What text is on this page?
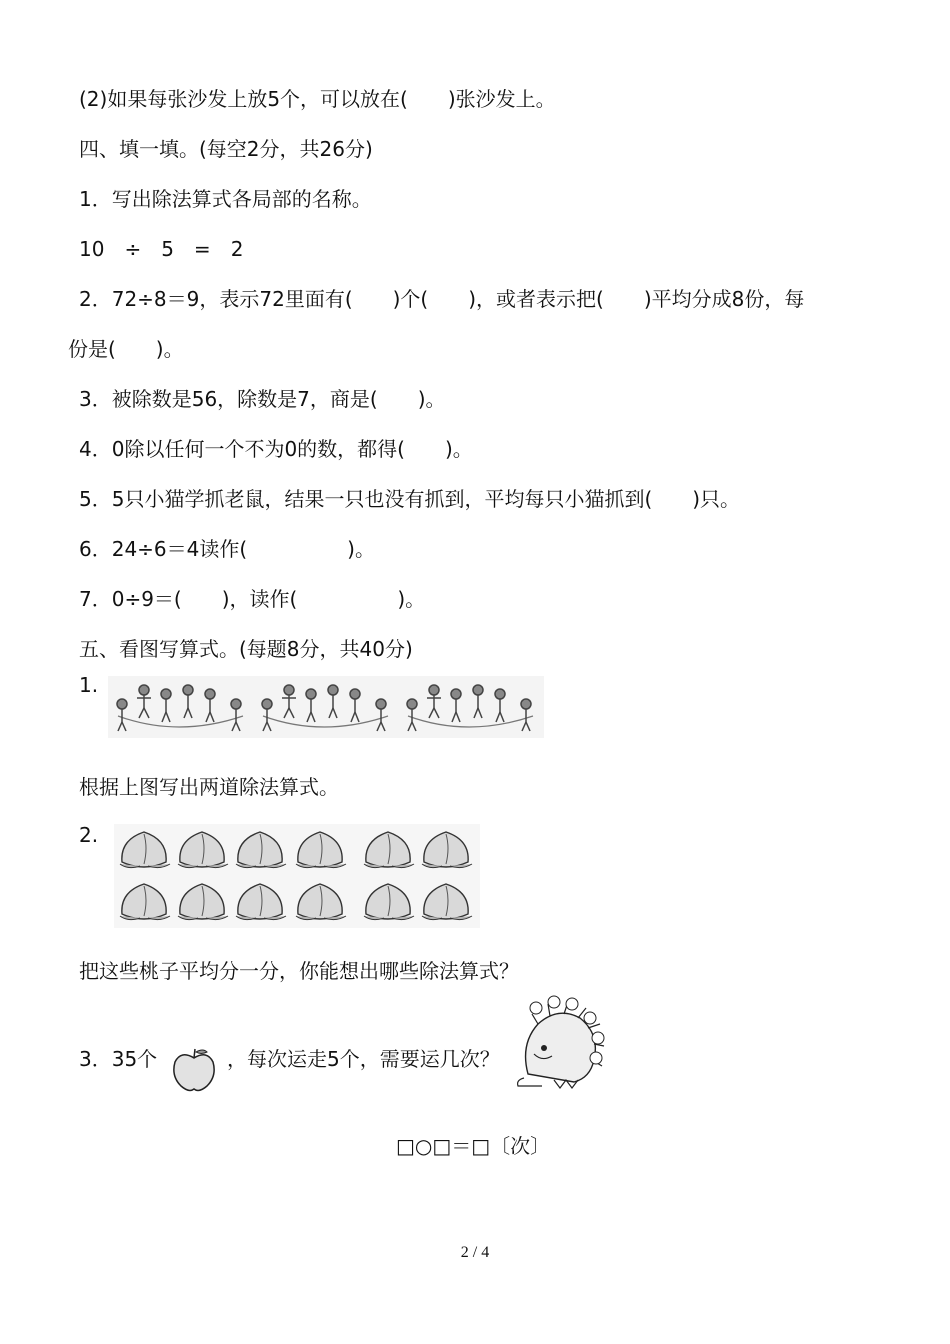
(2)如果每张沙发上放5个，可以放在(　　)张沙发上。
四、填一填。(每空2分，共26分)
1．写出除法算式各局部的名称。
10　÷　5　=　2
2．72÷8＝9，表示72里面有(　　)个(　　)，或者表示把(　　)平均分成8份，每
份是(　　)。
3．被除数是56，除数是7，商是(　　)。
4．0除以任何一个不为0的数，都得(　　)。
5．5只小猫学抓老鼠，结果一只也没有抓到，平均每只小猫抓到(　　)只。
6．24÷6＝4读作(　　　　　)。
7．0÷9＝(　　)，读作(　　　　　)。
五、看图写算式。(每题8分，共40分)
1.
根据上图写出两道除法算式。
2.
把这些桃子平均分一分，你能想出哪些除法算式？
3．35个	，每次运走5个，需要运几次？
□○□＝□〔次〕
2 / 4
